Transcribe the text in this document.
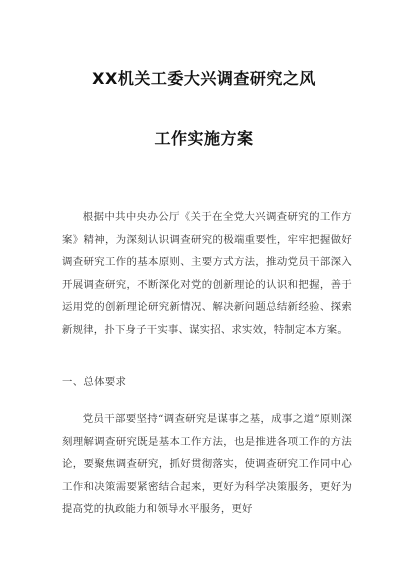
XX机关工委大兴调查研究之风
工作实施方案

根据中共中央办公厅《关于在全党大兴调查研究的工作方案》精神，为深刻认识调查研究的极端重要性，牢牢把握做好调查研究工作的基本原则、主要方式方法，推动党员干部深入开展调查研究，不断深化对党的创新理论的认识和把握，善于运用党的创新理论研究新情况、解决新问题总结新经验、探索新规律，扑下身子干实事、谋实招、求实效，特制定本方案。

一、总体要求

党员干部要坚持“调查研究是谋事之基，成事之道”原则深刻理解调查研究既是基本工作方法，也是推进各项工作的方法论，要聚焦调查研究，抓好贯彻落实，使调查研究工作同中心工作和决策需要紧密结合起来，更好为科学决策服务，更好为提高党的执政能力和领导水平服务，更好
